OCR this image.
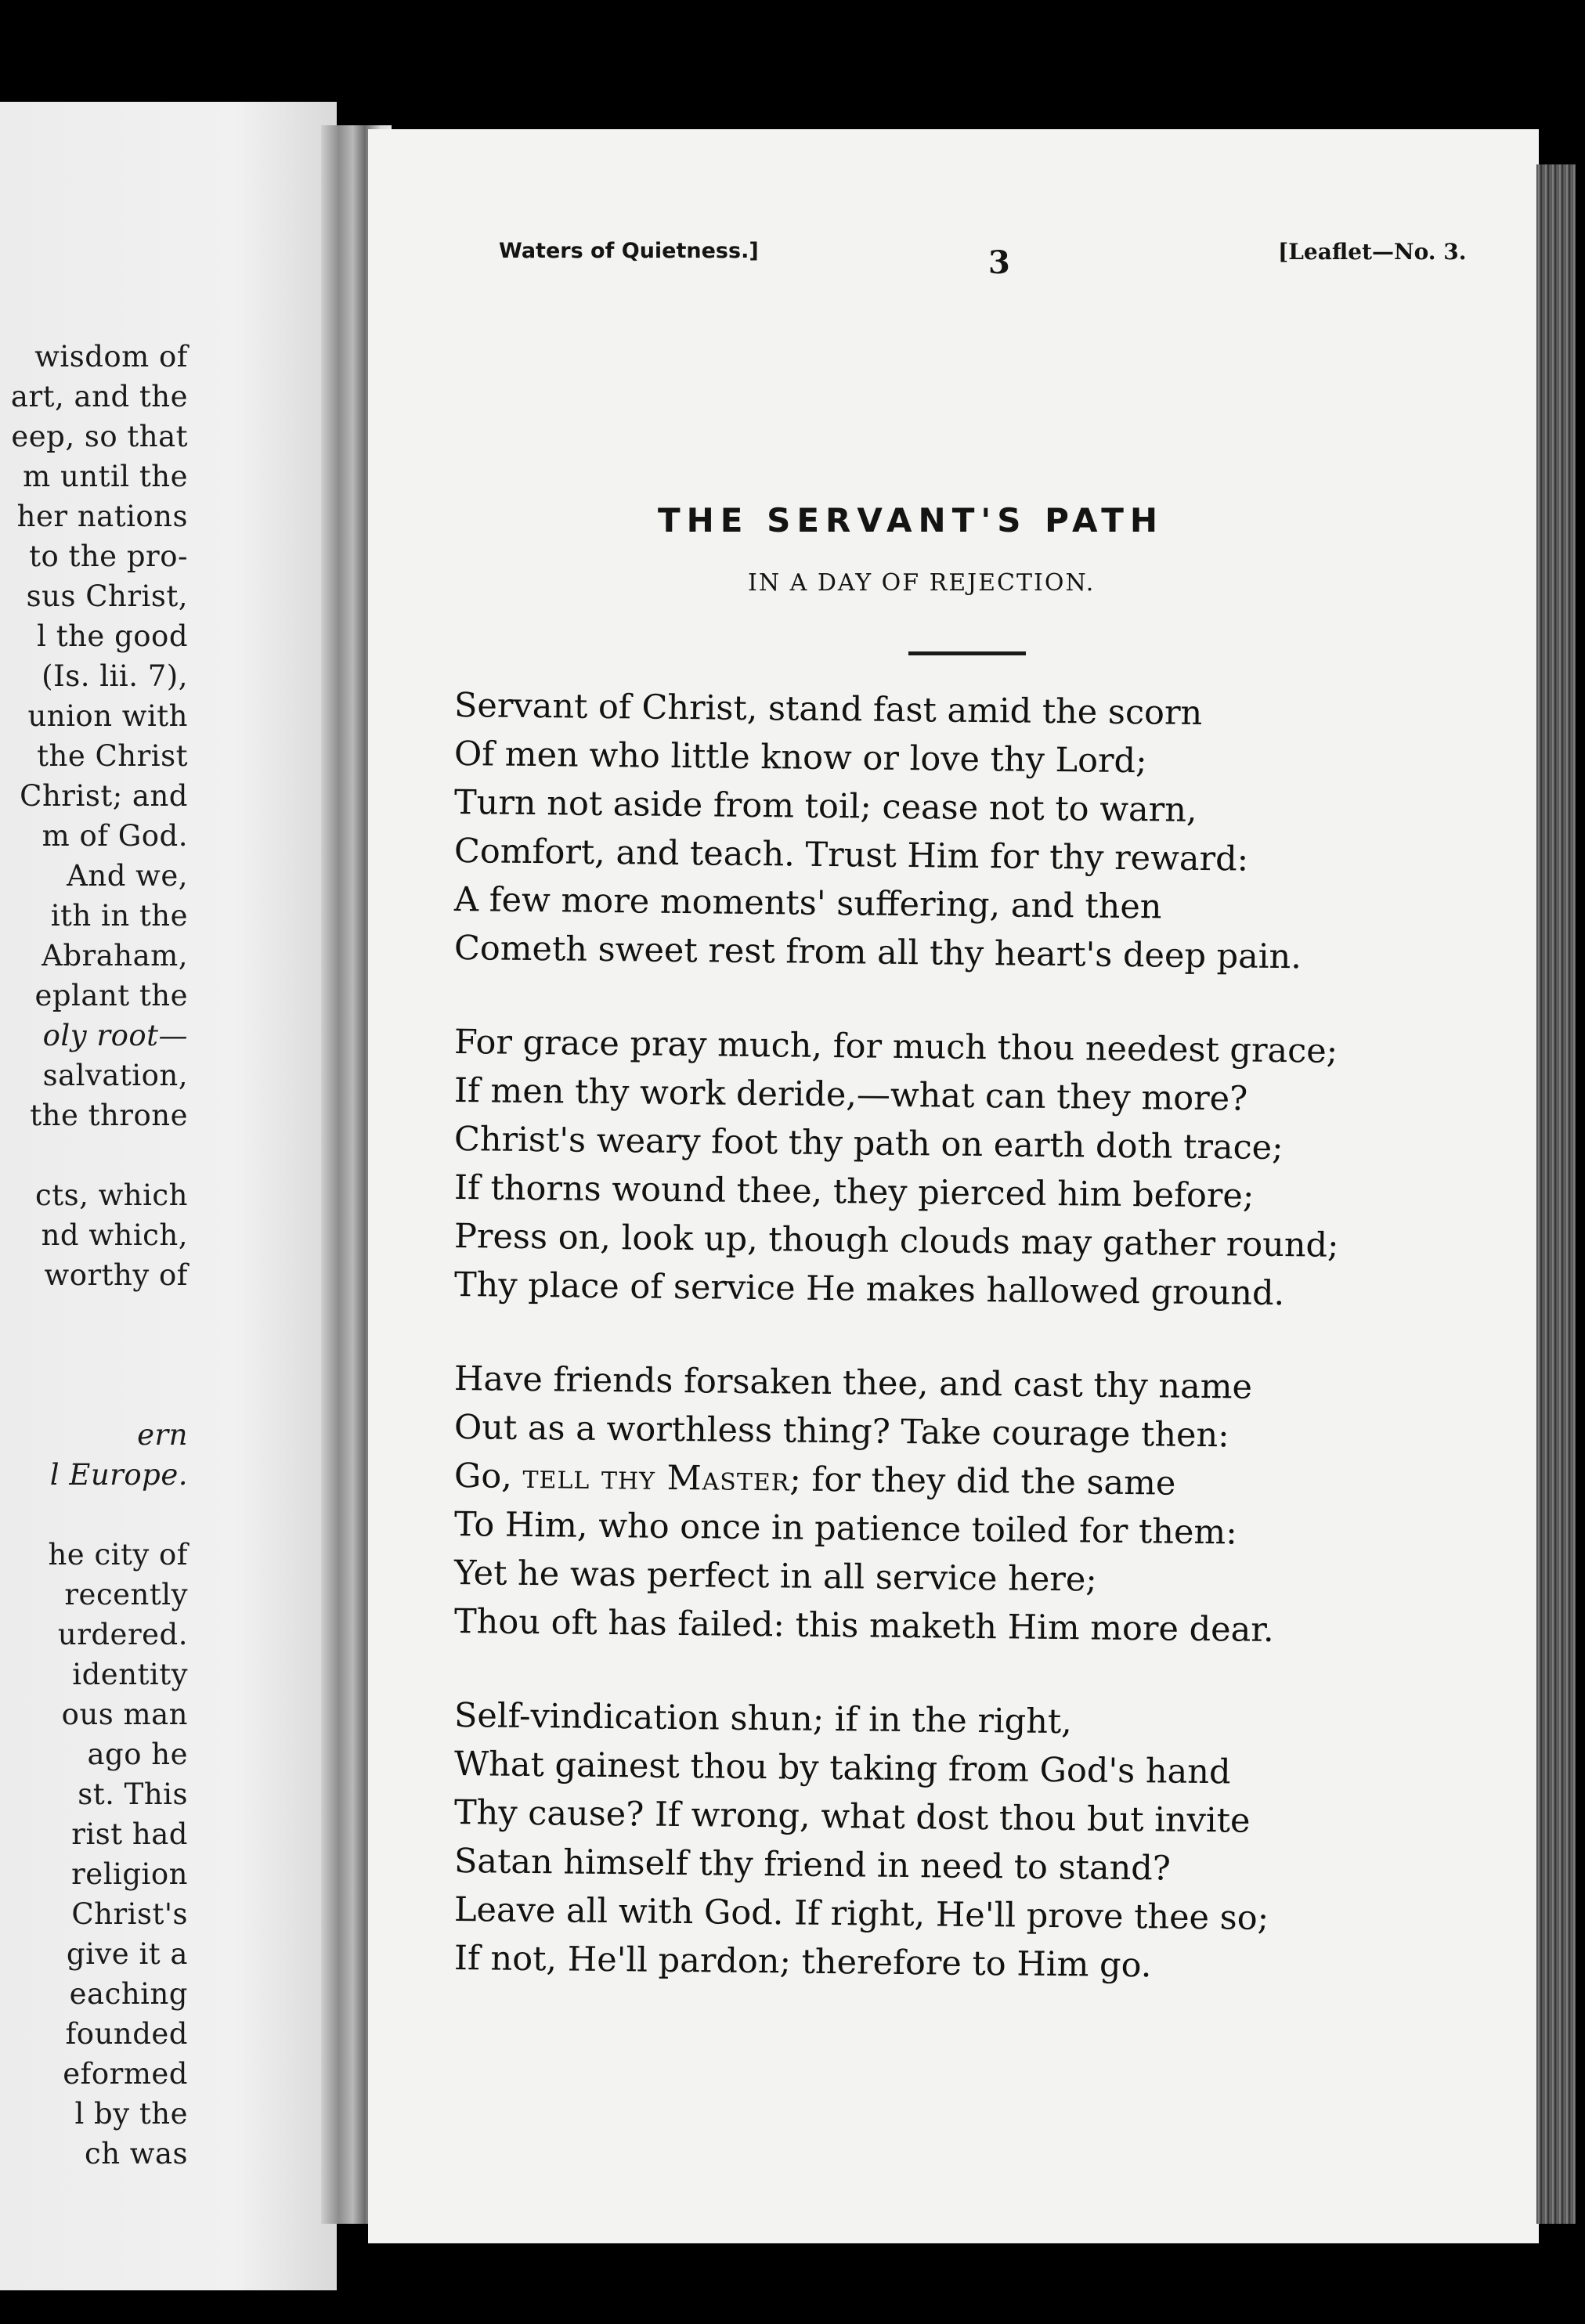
wisdom of
art, and the
eep, so that
m until the
her nations
to the pro-
sus Christ,
l the good
(Is. lii. 7),
union with
the Christ
Christ; and
m of God.
And we,
ith in the
Abraham,
eplant the
oly root—
salvation,
the throne
cts, which
nd which,
worthy of
ern
l Europe.
he city of
recently
urdered.
identity
ous man
ago he
st. This
rist had
religion
Christ's
give it a
eaching
founded
eformed
l by the
ch was
Waters of Quietness.]	3	[Leaflet—No. 3.
THE SERVANT'S PATH
IN A DAY OF REJECTION.
Servant of Christ, stand fast amid the scorn
Of men who little know or love thy Lord;
Turn not aside from toil; cease not to warn,
Comfort, and teach. Trust Him for thy reward:
A few more moments' suffering, and then
Cometh sweet rest from all thy heart's deep pain.
For grace pray much, for much thou needest grace;
If men thy work deride,—what can they more?
Christ's weary foot thy path on earth doth trace;
If thorns wound thee, they pierced him before;
Press on, look up, though clouds may gather round;
Thy place of service He makes hallowed ground.
Have friends forsaken thee, and cast thy name
Out as a worthless thing? Take courage then:
Go, tell thy Master; for they did the same
To Him, who once in patience toiled for them:
Yet he was perfect in all service here;
Thou oft has failed: this maketh Him more dear.
Self-vindication shun; if in the right,
What gainest thou by taking from God's hand
Thy cause? If wrong, what dost thou but invite
Satan himself thy friend in need to stand?
Leave all with God. If right, He'll prove thee so;
If not, He'll pardon; therefore to Him go.
